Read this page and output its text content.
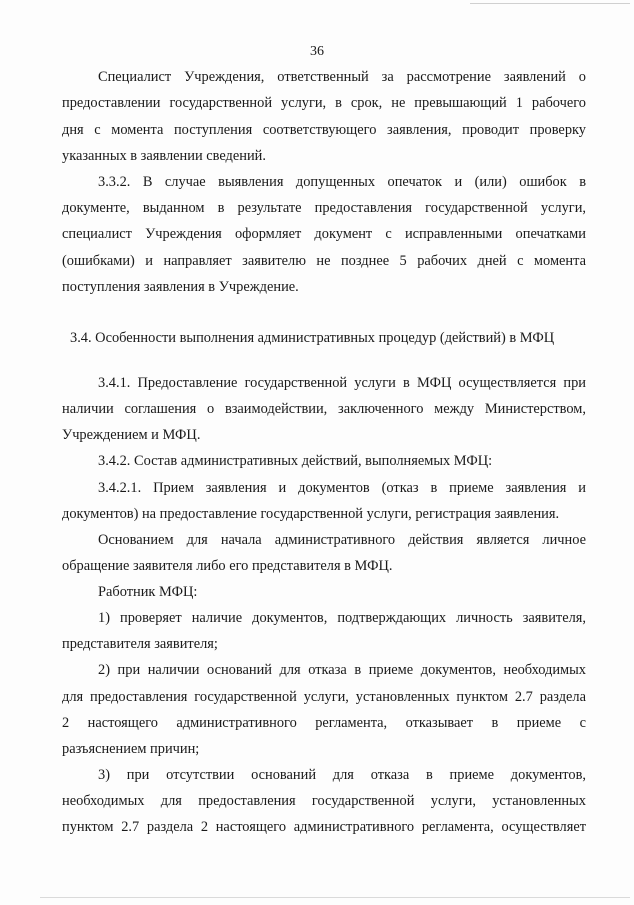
36
Специалист Учреждения, ответственный за рассмотрение заявлений о
предоставлении государственной услуги, в срок, не превышающий 1 рабочего
дня с момента поступления соответствующего заявления, проводит проверку
указанных в заявлении сведений.
3.3.2. В случае выявления допущенных опечаток и (или) ошибок в
документе, выданном в результате предоставления государственной услуги,
специалист Учреждения оформляет документ с исправленными опечатками
(ошибками) и направляет заявителю не позднее 5 рабочих дней с момента
поступления заявления в Учреждение.
3.4. Особенности выполнения административных процедур (действий) в МФЦ
3.4.1. Предоставление государственной услуги в МФЦ осуществляется при
наличии соглашения о взаимодействии, заключенного между Министерством,
Учреждением и МФЦ.
3.4.2. Состав административных действий, выполняемых МФЦ:
3.4.2.1. Прием заявления и документов (отказ в приеме заявления и
документов) на предоставление государственной услуги, регистрация заявления.
Основанием для начала административного действия является личное
обращение заявителя либо его представителя в МФЦ.
Работник МФЦ:
1) проверяет наличие документов, подтверждающих личность заявителя,
представителя заявителя;
2) при наличии оснований для отказа в приеме документов, необходимых
для предоставления государственной услуги, установленных пунктом 2.7 раздела
2 настоящего административного регламента, отказывает в приеме с
разъяснением причин;
3) при отсутствии оснований для отказа в приеме документов,
необходимых для предоставления государственной услуги, установленных
пунктом 2.7 раздела 2 настоящего административного регламента, осуществляет
